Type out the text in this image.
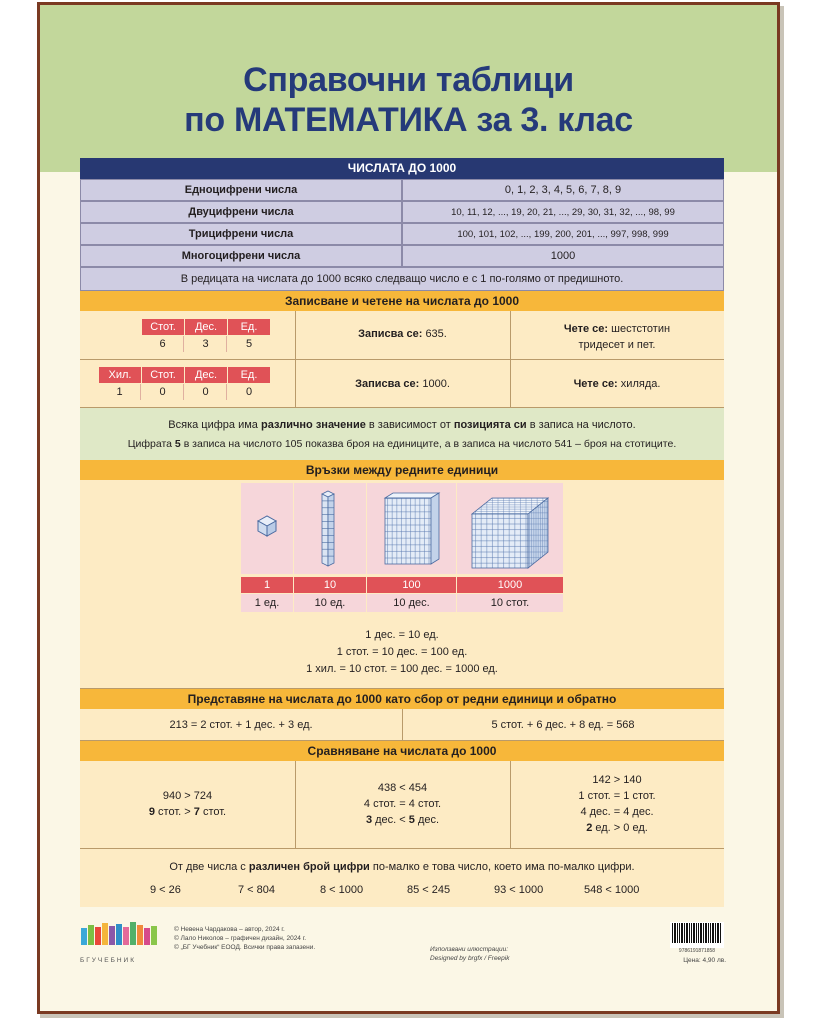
Справочни таблици
по МАТЕМАТИКА за 3. клас
ЧИСЛАТА ДО 1000
Едноцифрени числа	0, 1, 2, 3, 4, 5, 6, 7, 8, 9
Двуцифрени числа	10, 11, 12, ..., 19, 20, 21, ..., 29, 30, 31, 32, ..., 98, 99
Трицифрени числа	100, 101, 102, ..., 199, 200, 201, ..., 997, 998, 999
Многоцифрени числа	1000
В редицата на числата до 1000 всяко следващо число е с 1 по-голямо от предишното.
Записване и четене на числата до 1000
Стот.	Дес.	Ед.
6	3	5
Записва се: 635.	Чете се: шестстотин тридесет и пет.
Хил.	Стот.	Дес.	Ед.
1	0	0	0
Записва се: 1000.	Чете се: хиляда.
Всяка цифра има различно значение в зависимост от позицията си в записа на числото.
Цифрата 5 в записа на числото 105 показва броя на единиците, а в записа на числото 541 – броя на стотиците.
Връзки между редните единици
1	10	100	1000
1 ед.	10 ед.	10 дес.	10 стот.
1 дес. = 10 ед.
1 стот. = 10 дес. = 100 ед.
1 хил. = 10 стот. = 100 дес. = 1000 ед.
Представяне на числата до 1000 като сбор от редни единици и обратно
213 = 2 стот. + 1 дес. + 3 ед.	5 стот. + 6 дес. + 8 ед. = 568
Сравняване на числата до 1000
940 > 724
9 стот. > 7 стот.
438 < 454
4 стот. = 4 стот.
3 дес. < 5 дес.
142 > 140
1 стот. = 1 стот.
4 дес. = 4 дес.
2 ед. > 0 ед.
От две числа с различен брой цифри по-малко е това число, което има по-малко цифри.
9 < 26	7 < 804	8 < 1000	85 < 245	93 < 1000	548 < 1000
БГУЧЕБНИК
© Невена Чардакова – автор, 2024 г.
© Лало Николов – графичен дизайн, 2024 г.
© „БГ Учебник“ ЕООД. Всички права запазени.	Използвани илюстрации:
Designed by brgfx / Freepik
9786191871858
Цена: 4,90 лв.
